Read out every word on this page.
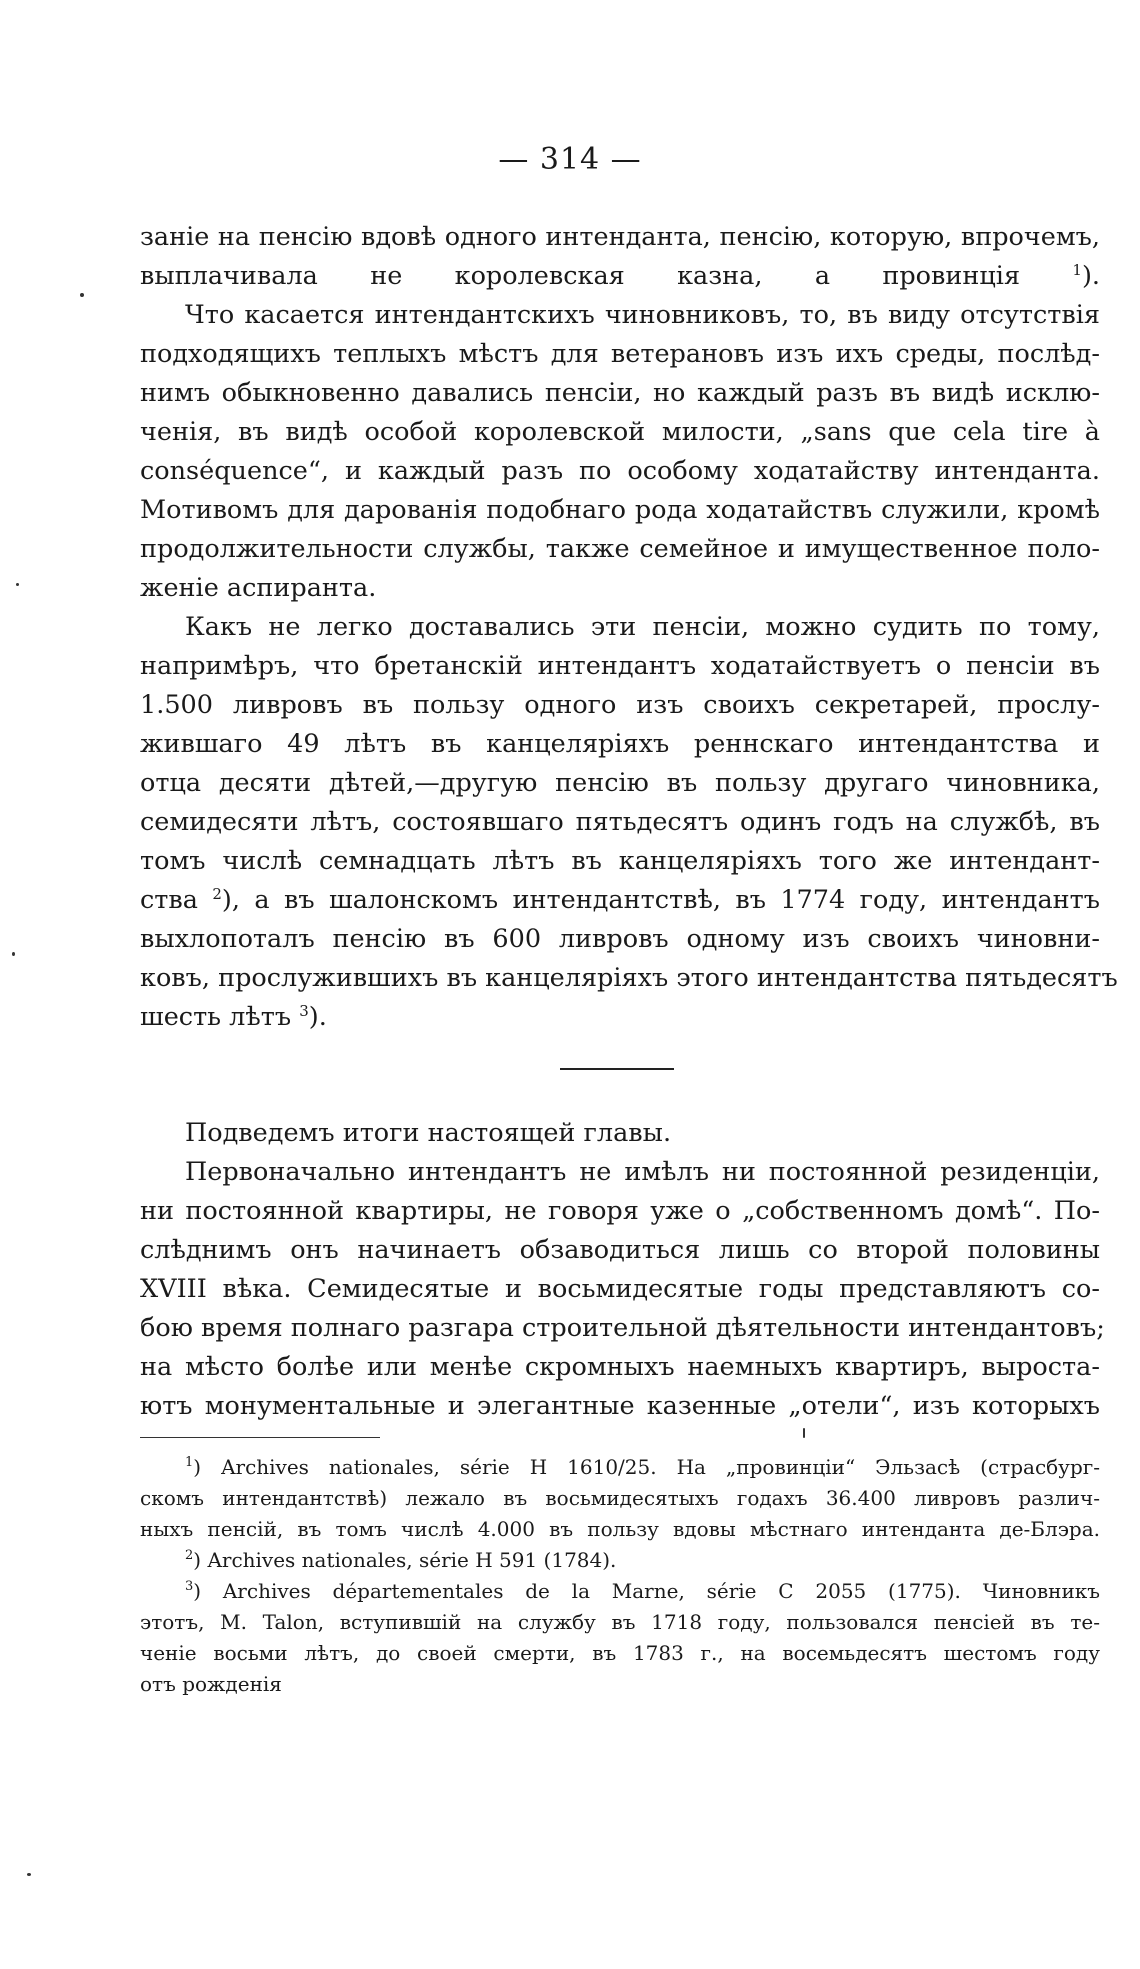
— 314 —
заніе на пенсію вдовѣ одного интенданта, пенсію, которую, впрочемъ,
выплачивала не королевская казна, а провинція $^1$).
Что касается интендантскихъ чиновниковъ, то, въ виду отсутствія
подходящихъ теплыхъ мѣстъ для ветерановъ изъ ихъ среды, послѣд-
нимъ обыкновенно давались пенсіи, но каждый разъ въ видѣ исклю-
ченія, въ видѣ особой королевской милости, „sans que cela tire à
conséquence“, и каждый разъ по особому ходатайству интенданта.
Мотивомъ для дарованія подобнаго рода ходатайствъ служили, кромѣ
продолжительности службы, также семейное и имущественное поло-
женіе аспиранта.
Какъ не легко доставались эти пенсіи, можно судить по тому,
напримѣръ, что бретанскій интендантъ ходатайствуетъ о пенсіи въ
1.500 ливровъ въ пользу одного изъ своихъ секретарей, прослу-
жившаго 49 лѣтъ въ канцеляріяхъ реннскаго интендантства и
отца десяти дѣтей,—другую пенсію въ пользу другаго чиновника,
семидесяти лѣтъ, состоявшаго пятьдесятъ одинъ годъ на службѣ, въ
томъ числѣ семнадцать лѣтъ въ канцеляріяхъ того же интендант-
ства $^2$), а въ шалонскомъ интендантствѣ, въ 1774 году, интендантъ
выхлопоталъ пенсію въ 600 ливровъ одному изъ своихъ чиновни-
ковъ, прослужившихъ въ канцеляріяхъ этого интендантства пятьдесятъ
шесть лѣтъ $^3$).
Подведемъ итоги настоящей главы.
Первоначально интендантъ не имѣлъ ни постоянной резиденціи,
ни постоянной квартиры, не говоря уже о „собственномъ домѣ“. По-
слѣднимъ онъ начинаетъ обзаводиться лишь со второй половины
XVIII вѣка. Семидесятые и восьмидесятые годы представляютъ со-
бою время полнаго разгара строительной дѣятельности интендантовъ;
на мѣсто болѣе или менѣе скромныхъ наемныхъ квартиръ, выроста-
ютъ монументальные и элегантные казенные „отели“, изъ которыхъ
$^1$) Archives nationales, série H 1610/25. На „провинціи“ Эльзасѣ (страсбург-
скомъ интендантствѣ) лежало въ восьмидесятыхъ годахъ 36.400 ливровъ различ-
ныхъ пенсій, въ томъ числѣ 4.000 въ пользу вдовы мѣстнаго интенданта де-Блэра.
$^2$) Archives nationales, série H 591 (1784).
$^3$) Archives départementales de la Marne, série C 2055 (1775). Чиновникъ
этотъ, M. Talon, вступившій на службу въ 1718 году, пользовался пенсіей въ те-
ченіе восьми лѣтъ, до своей смерти, въ 1783 г., на восемьдесятъ шестомъ году
отъ рожденія
